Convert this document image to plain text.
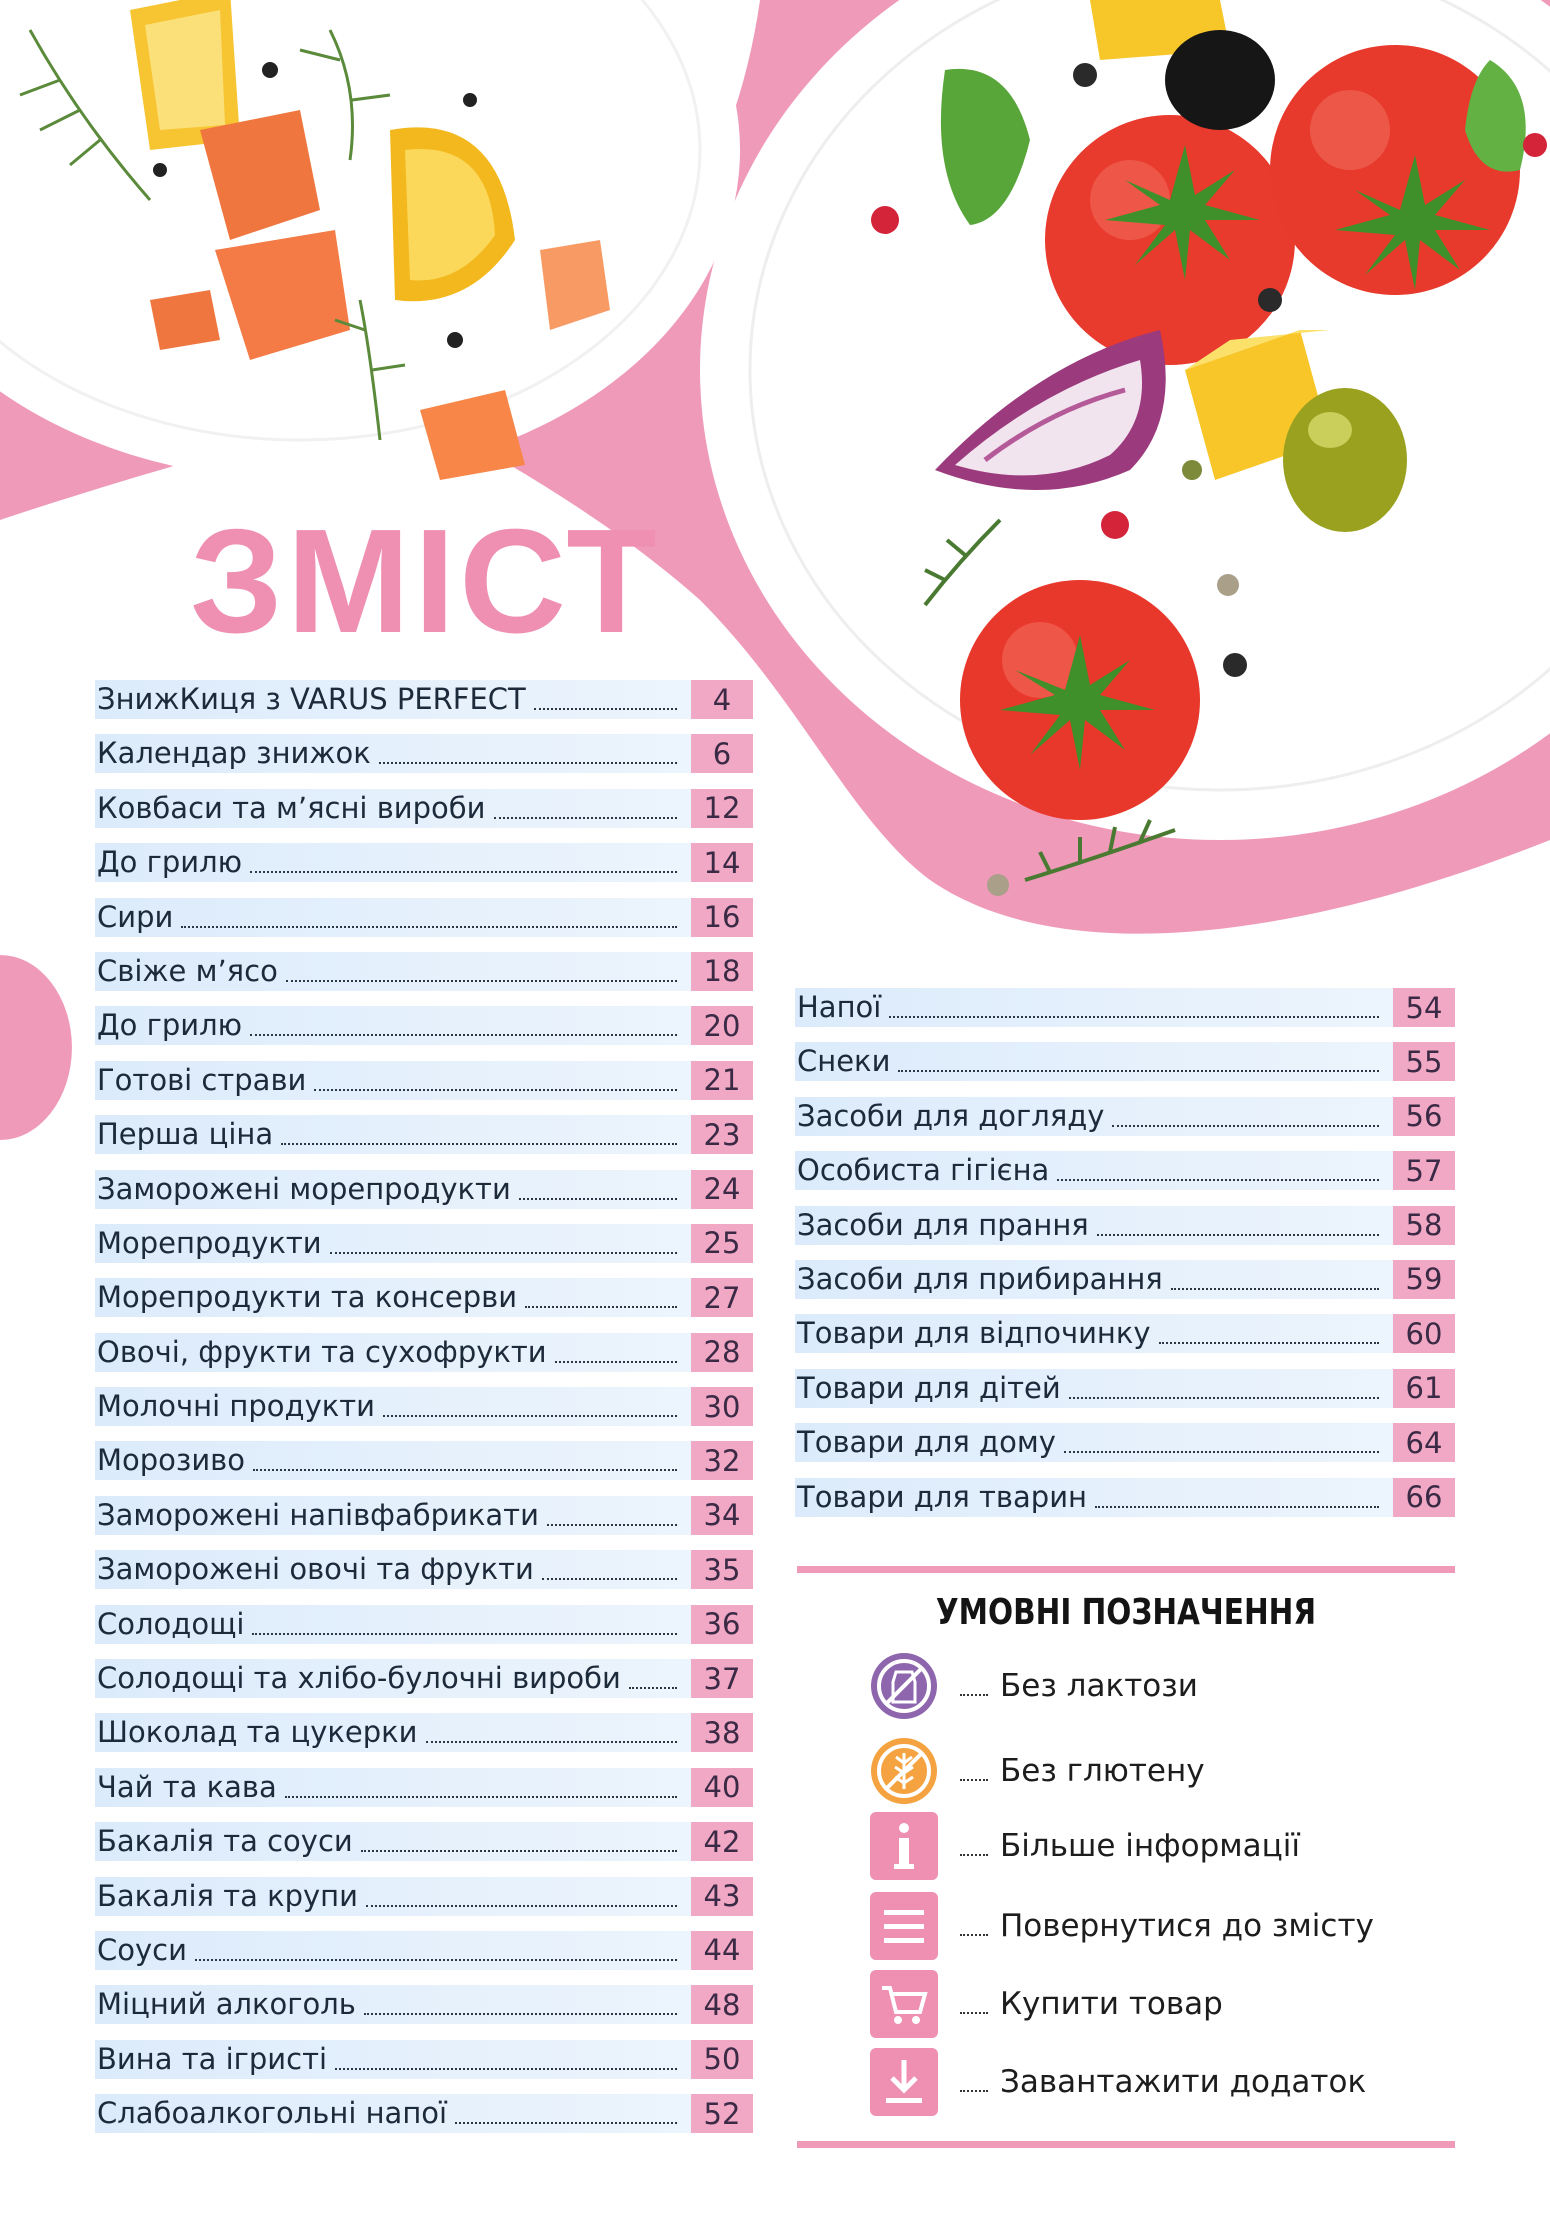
ЗМІСТ
ЗнижКиця з VARUS PERFECT	4
Календар знижок	6
Ковбаси та м’ясні вироби	12
До грилю	14
Сири	16
Свіже м’ясо	18
До грилю	20
Готові страви	21
Перша ціна	23
Заморожені морепродукти	24
Морепродукти	25
Морепродукти та консерви	27
Овочі, фрукти та сухофрукти	28
Молочні продукти	30
Морозиво	32
Заморожені напівфабрикати	34
Заморожені овочі та фрукти	35
Солодощі	36
Солодощі та хлібо-булочні вироби	37
Шоколад та цукерки	38
Чай та кава	40
Бакалія та соуси	42
Бакалія та крупи	43
Соуси	44
Міцний алкоголь	48
Вина та ігристі	50
Слабоалкогольні напої	52
Напої	54
Снеки	55
Засоби для догляду	56
Особиста гігієна	57
Засоби для прання	58
Засоби для прибирання	59
Товари для відпочинку	60
Товари для дітей	61
Товари для дому	64
Товари для тварин	66
УМОВНІ ПОЗНАЧЕННЯ
Без лактози
Без глютену
Більше інформації
Повернутися до змісту
Купити товар
Завантажити додаток
